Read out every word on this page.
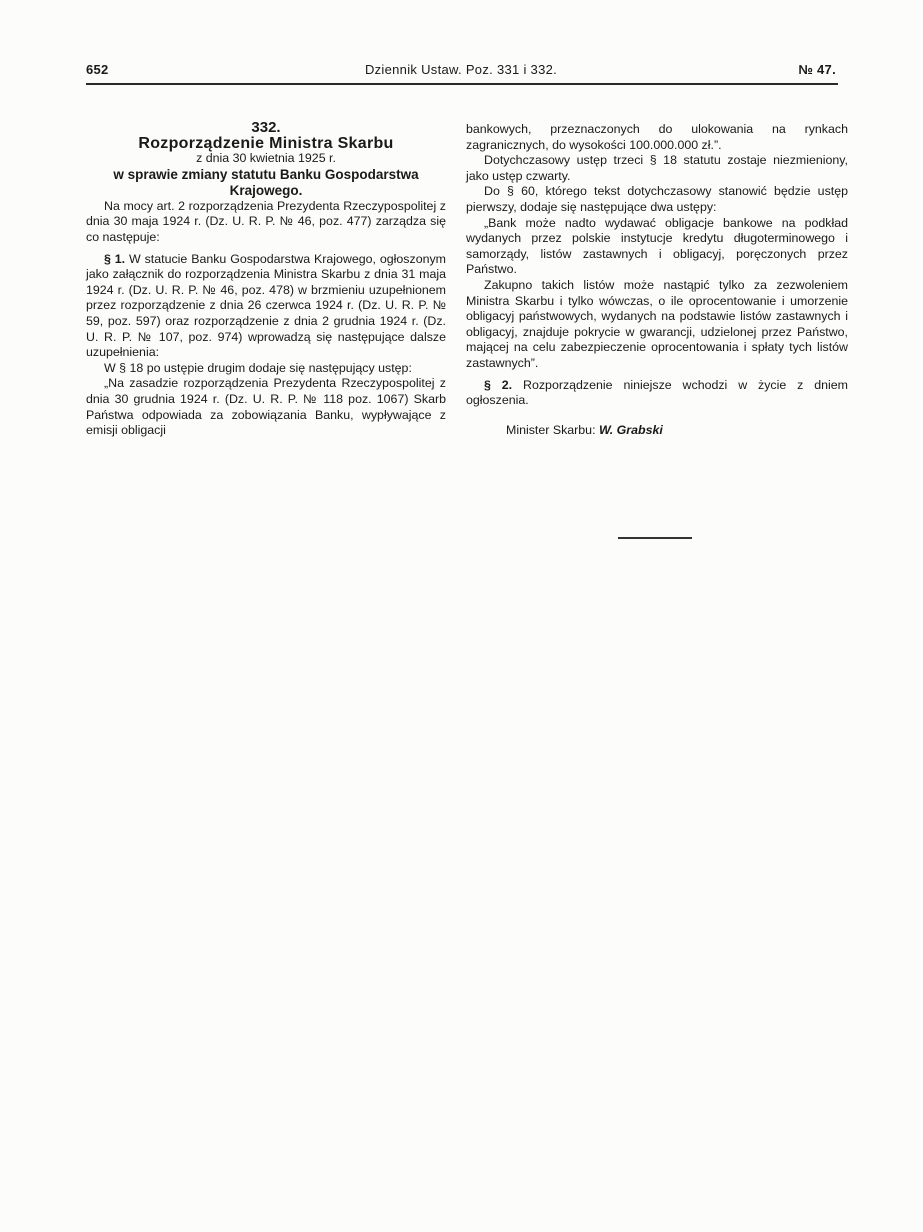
652	Dziennik Ustaw. Poz. 331 i 332.	№ 47.

332.

Rozporządzenie Ministra Skarbu

z dnia 30 kwietnia 1925 r.

w sprawie zmiany statutu Banku Gospodarstwa Krajowego.

Na mocy art. 2 rozporządzenia Prezydenta Rzeczypospolitej z dnia 30 maja 1924 r. (Dz. U. R. P. № 46, poz. 477) zarządza się co następuje:

§ 1. W statucie Banku Gospodarstwa Krajowego, ogłoszonym jako załącznik do rozporządzenia Ministra Skarbu z dnia 31 maja 1924 r. (Dz. U. R. P. № 46, poz. 478) w brzmieniu uzupełnionem przez rozporządzenie z dnia 26 czerwca 1924 r. (Dz. U. R. P. № 59, poz. 597) oraz rozporządzenie z dnia 2 grudnia 1924 r. (Dz. U. R. P. № 107, poz. 974) wprowadzą się następujące dalsze uzupełnienia:

W § 18 po ustępie drugim dodaje się następujący ustęp:

„Na zasadzie rozporządzenia Prezydenta Rzeczypospolitej z dnia 30 grudnia 1924 r. (Dz. U. R. P. № 118 poz. 1067) Skarb Państwa odpowiada za zobowiązania Banku, wypływające z emisji obligacji

bankowych, przeznaczonych do ulokowania na rynkach zagranicznych, do wysokości 100.000.000 zł.”.

Dotychczasowy ustęp trzeci § 18 statutu zostaje niezmieniony, jako ustęp czwarty.

Do § 60, którego tekst dotychczasowy stanowić będzie ustęp pierwszy, dodaje się następujące dwa ustępy:

„Bank może nadto wydawać obligacje bankowe na podkład wydanych przez polskie instytucje kredytu długoterminowego i samorządy, listów zastawnych i obligacyj, poręczonych przez Państwo.

Zakupno takich listów może nastąpić tylko za zezwoleniem Ministra Skarbu i tylko wówczas, o ile oprocentowanie i umorzenie obligacyj państwowych, wydanych na podstawie listów zastawnych i obligacyj, znajduje pokrycie w gwarancji, udzielonej przez Państwo, mającej na celu zabezpieczenie oprocentowania i spłaty tych listów zastawnych”.

§ 2. Rozporządzenie niniejsze wchodzi w życie z dniem ogłoszenia.

Minister Skarbu: W. Grabski
